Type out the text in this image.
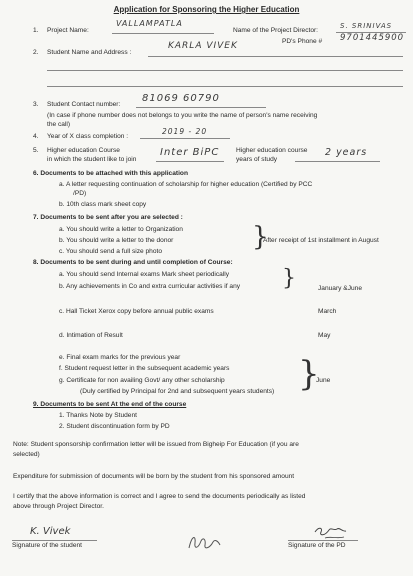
Application for Sponsoring the Higher Education
1. Project Name:
VALLAMPATLA
Name of the Project Director:
S. SRINIVAS
PD's Phone # 9701445900
2. Student Name and Address :
KARLA VIVEK
3. Student Contact number:
81069 60790
(In case if phone number does not belongs to you write the name of person's name receiving
the call)
4. Year of X class completion :
2019 - 20
5. Higher education Course
in which the student like to join
Inter BiPC	Higher education course
years of study
2 years
6. Documents to be attached with this application
a. A letter requesting continuation of scholarship for higher education (Certified by PCC
/PD)
b. 10th class mark sheet copy
7. Documents to be sent after you are selected :
a. You should write a letter to Organization
b. You should write a letter to the donor
c. You should send a full size photo	}
After receipt of 1st installment in August
8. Documents to be sent during and until completion of Course:
a. You should send Internal exams Mark sheet periodically
b. Any achievements in Co and extra curricular activities if any }	January &June
c. Hall Ticket Xerox copy before annual public exams	March
d. Intimation of Result	May
e. Final exam marks for the previous year
f. Student request letter in the subsequent academic years
g. Certificate for non availing Govt/ any other scholarship
(Duly certified by Principal for 2nd and subsequent years students) }
June
9. Documents to be sent At the end of the course
1. Thanks Note by Student
2. Student discontinuation form by PD
Note: Student sponsorship confirmation letter will be issued from Bigheip For Education (if you are
selected)
Expenditure for submission of documents will be born by the student from his sponsored amount
I certify that the above information is correct and I agree to send the documents periodically as listed
above through Project Director.
K. Vivek
Signature of the student	Signature of the PD
